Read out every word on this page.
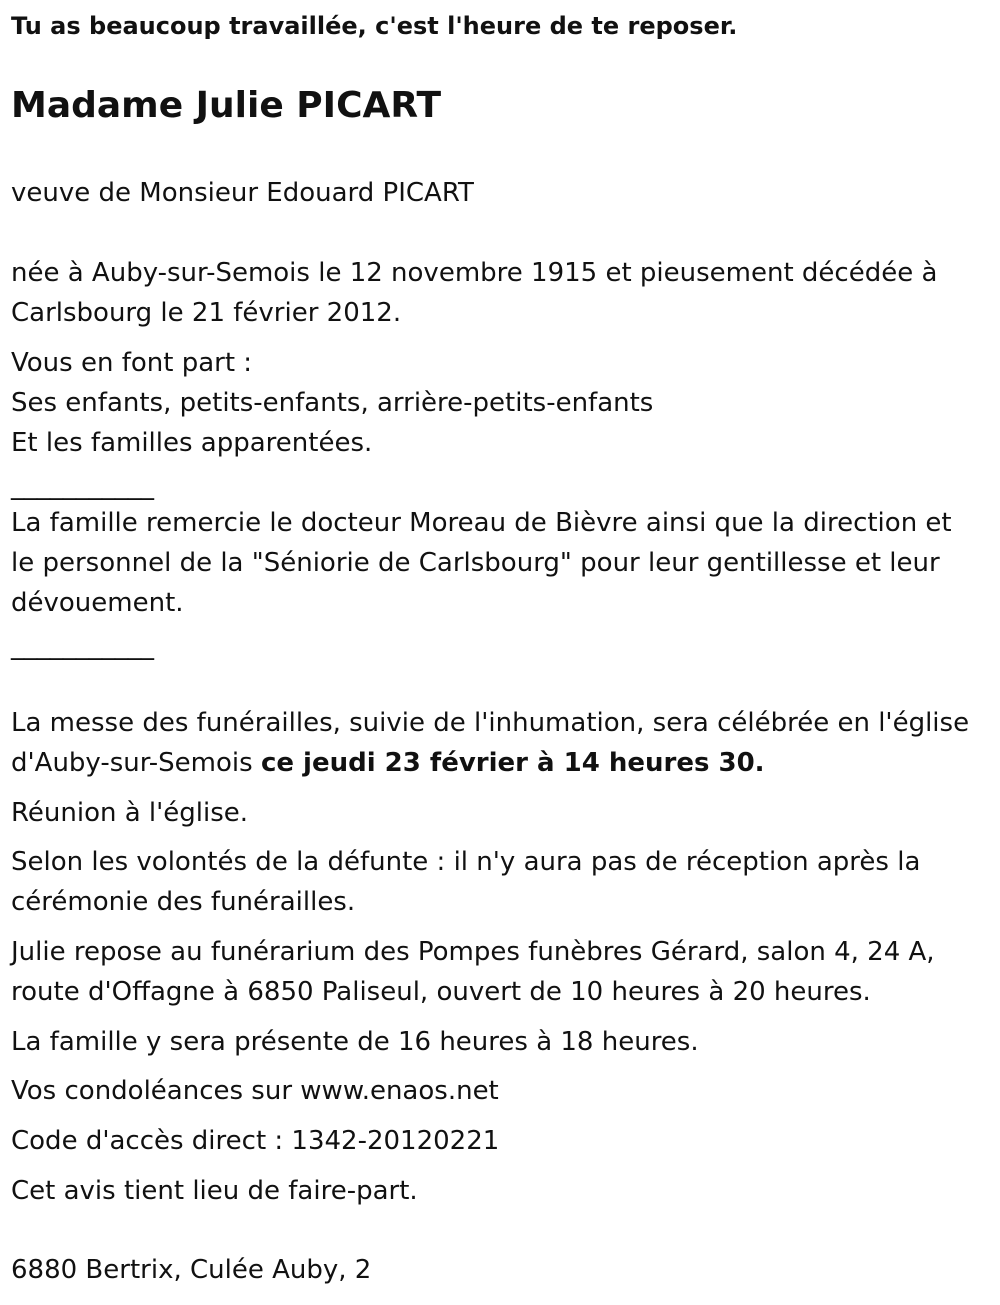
Tu as beaucoup travaillée, c'est l'heure de te reposer.
Madame Julie PICART
veuve de Monsieur Edouard PICART
née à Auby-sur-Semois le 12 novembre 1915 et pieusement décédée à
Carlsbourg le 21 février 2012.
Vous en font part :
Ses enfants, petits-enfants, arrière-petits-enfants
Et les familles apparentées.
___________
La famille remercie le docteur Moreau de Bièvre ainsi que la direction et
le personnel de la "Séniorie de Carlsbourg" pour leur gentillesse et leur
dévouement.
___________
La messe des funérailles, suivie de l'inhumation, sera célébrée en l'église
d'Auby-sur-Semois ce jeudi 23 février à 14 heures 30.
Réunion à l'église.
Selon les volontés de la défunte : il n'y aura pas de réception après la
cérémonie des funérailles.
Julie repose au funérarium des Pompes funèbres Gérard, salon 4, 24 A,
route d'Offagne à 6850 Paliseul, ouvert de 10 heures à 20 heures.
La famille y sera présente de 16 heures à 18 heures.
Vos condoléances sur www.enaos.net
Code d'accès direct : 1342-20120221
Cet avis tient lieu de faire-part.
6880 Bertrix, Culée Auby, 2
